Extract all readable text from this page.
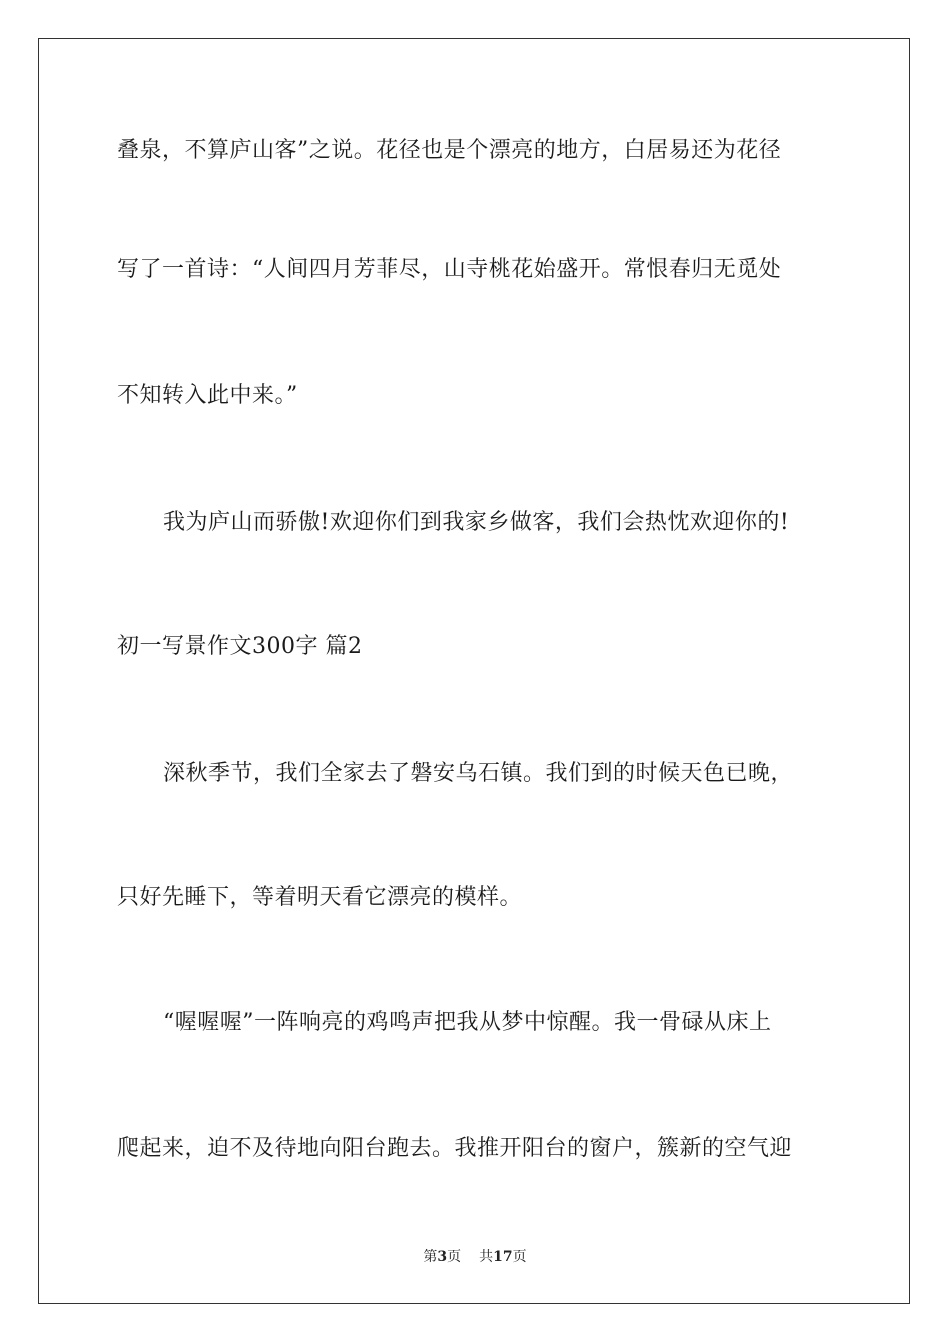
叠泉，不算庐山客”之说。花径也是个漂亮的地方，白居易还为花径
写了一首诗：“人间四月芳菲尽，山寺桃花始盛开。常恨春归无觅处
不知转入此中来。”
我为庐山而骄傲!欢迎你们到我家乡做客，我们会热忱欢迎你的!
初一写景作文300字 篇2
深秋季节，我们全家去了磐安乌石镇。我们到的时候天色已晚，
只好先睡下，等着明天看它漂亮的模样。
“喔喔喔”一阵响亮的鸡鸣声把我从梦中惊醒。我一骨碌从床上
爬起来，迫不及待地向阳台跑去。我推开阳台的窗户，簇新的空气迎
第3页 共17页
